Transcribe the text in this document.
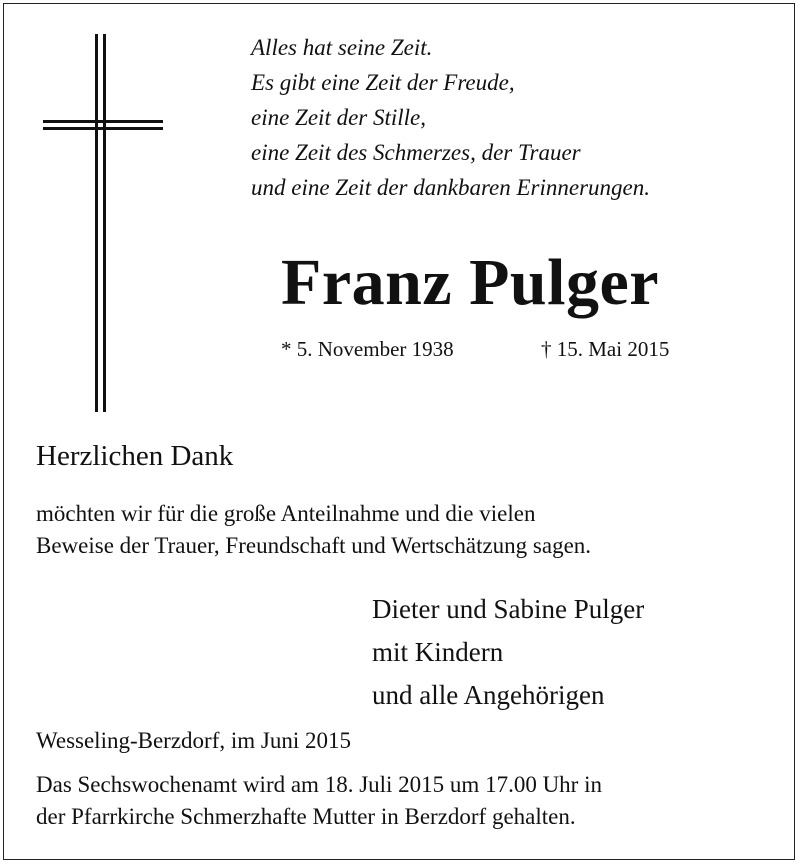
Alles hat seine Zeit.
Es gibt eine Zeit der Freude,
eine Zeit der Stille,
eine Zeit des Schmerzes, der Trauer
und eine Zeit der dankbaren Erinnerungen.
Franz Pulger
* 5. November 1938	† 15. Mai 2015
Herzlichen Dank
möchten wir für die große Anteilnahme und die vielen
Beweise der Trauer, Freundschaft und Wertschätzung sagen.
Dieter und Sabine Pulger
mit Kindern
und alle Angehörigen
Wesseling-Berzdorf, im Juni 2015
Das Sechswochenamt wird am 18. Juli 2015 um 17.00 Uhr in
der Pfarrkirche Schmerzhafte Mutter in Berzdorf gehalten.
